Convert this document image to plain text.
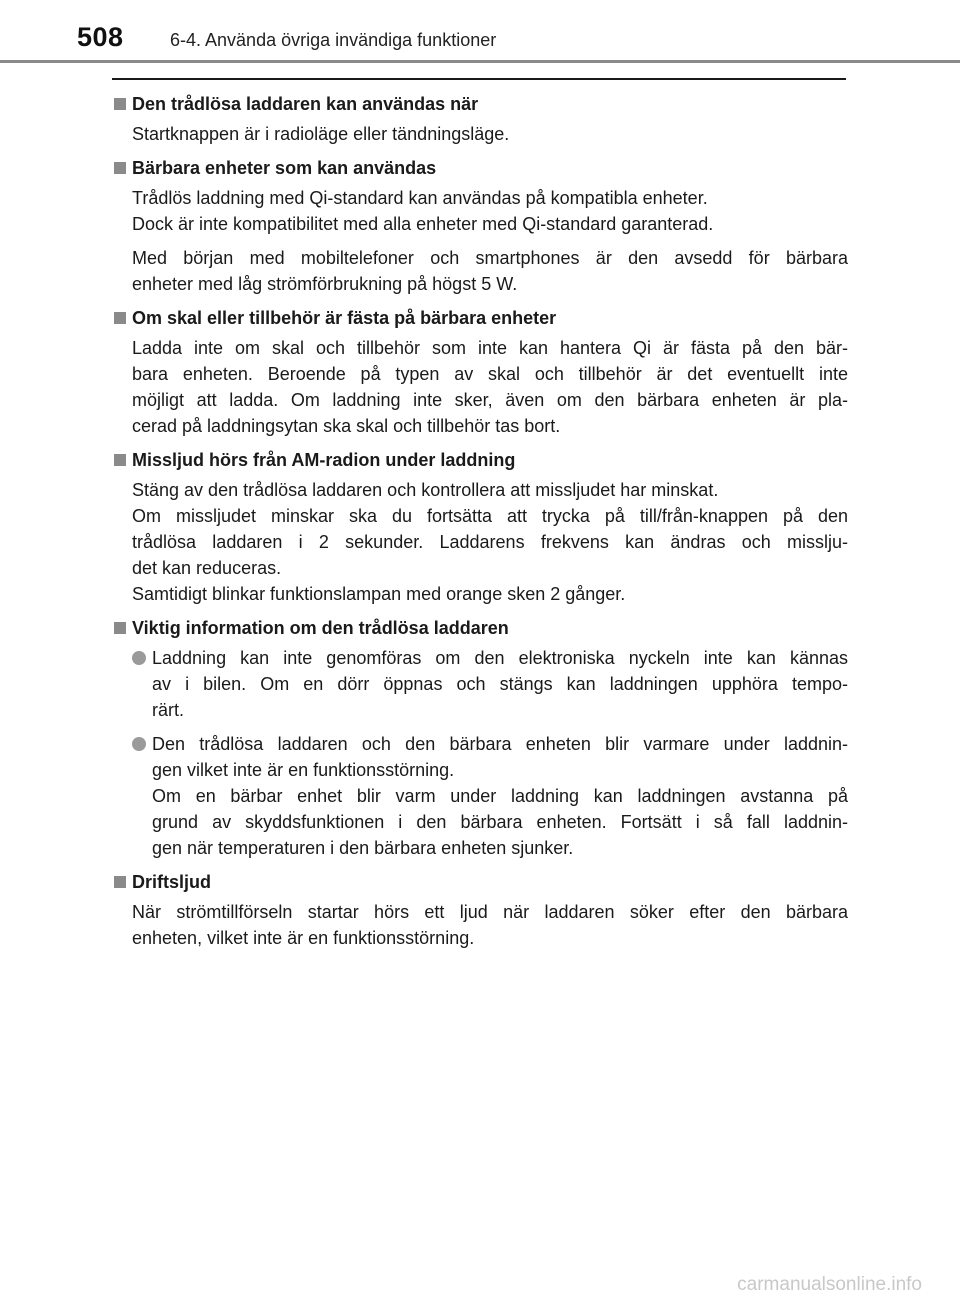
508	6-4. Använda övriga invändiga funktioner
Den trådlösa laddaren kan användas när
Startknappen är i radioläge eller tändningsläge.
Bärbara enheter som kan användas
Trådlös laddning med Qi-standard kan användas på kompatibla enheter.
Dock är inte kompatibilitet med alla enheter med Qi-standard garanterad.
Med början med mobiltelefoner och smartphones är den avsedd för bärbara
enheter med låg strömförbrukning på högst 5 W.
Om skal eller tillbehör är fästa på bärbara enheter
Ladda inte om skal och tillbehör som inte kan hantera Qi är fästa på den bär-
bara enheten. Beroende på typen av skal och tillbehör är det eventuellt inte
möjligt att ladda. Om laddning inte sker, även om den bärbara enheten är pla-
cerad på laddningsytan ska skal och tillbehör tas bort.
Missljud hörs från AM-radion under laddning
Stäng av den trådlösa laddaren och kontrollera att missljudet har minskat.
Om missljudet minskar ska du fortsätta att trycka på till/från-knappen på den
trådlösa laddaren i 2 sekunder. Laddarens frekvens kan ändras och misslju-
det kan reduceras.
Samtidigt blinkar funktionslampan med orange sken 2 gånger.
Viktig information om den trådlösa laddaren
Laddning kan inte genomföras om den elektroniska nyckeln inte kan kännas
av i bilen. Om en dörr öppnas och stängs kan laddningen upphöra tempo-
rärt.
Den trådlösa laddaren och den bärbara enheten blir varmare under laddnin-
gen vilket inte är en funktionsstörning.
Om en bärbar enhet blir varm under laddning kan laddningen avstanna på
grund av skyddsfunktionen i den bärbara enheten. Fortsätt i så fall laddnin-
gen när temperaturen i den bärbara enheten sjunker.
Driftsljud
När strömtillförseln startar hörs ett ljud när laddaren söker efter den bärbara
enheten, vilket inte är en funktionsstörning.
carmanualsonline.info
